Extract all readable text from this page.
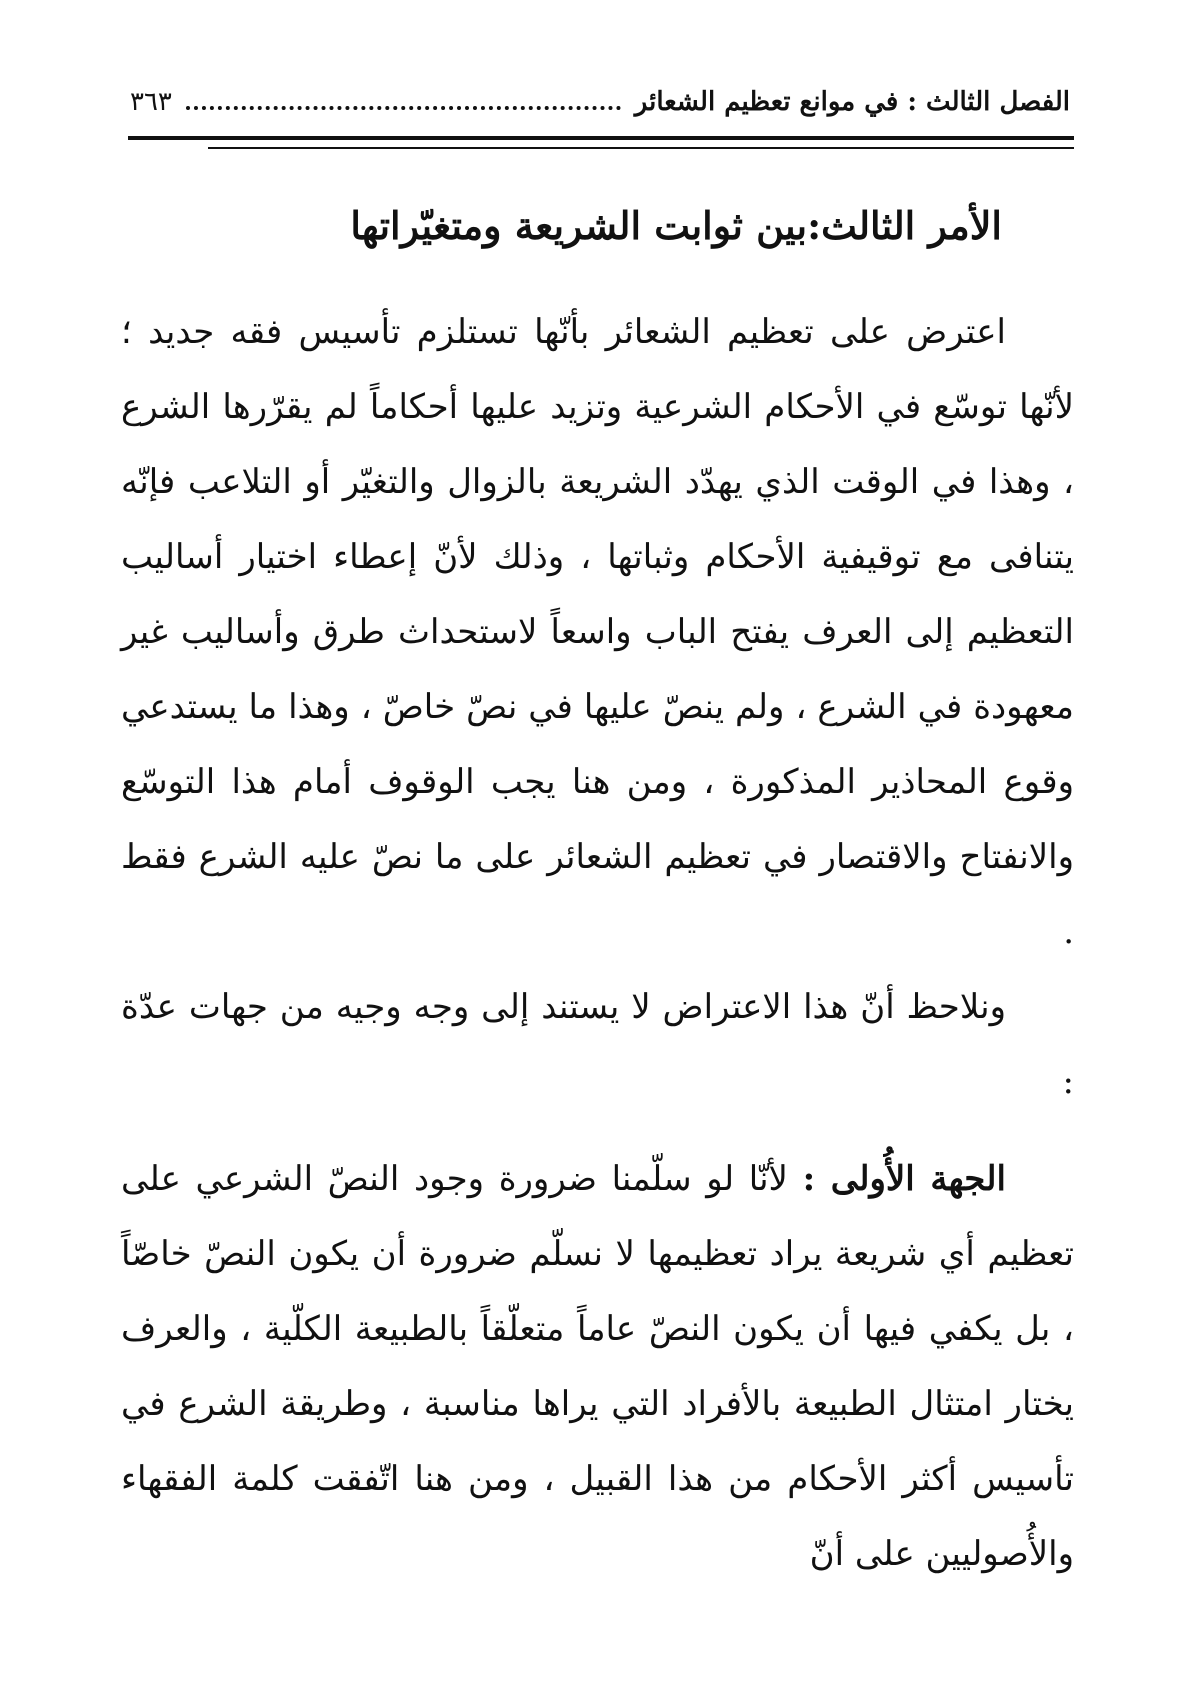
الفصل الثالث : في موانع تعظيم الشعائر
٣٦٣
الأمر الثالث:بين ثوابت الشريعة ومتغيّراتها

اعترض على تعظيم الشعائر بأنّها تستلزم تأسيس فقه جديد ؛ لأنّها توسّع في الأحكام الشرعية وتزيد عليها أحكاماً لم يقرّرها الشرع ، وهذا في الوقت الذي يهدّد الشريعة بالزوال والتغيّر أو التلاعب فإنّه يتنافى مع توقيفية الأحكام وثباتها ، وذلك لأنّ إعطاء اختيار أساليب التعظيم إلى العرف يفتح الباب واسعاً لاستحداث طرق وأساليب غير معهودة في الشرع ، ولم ينصّ عليها في نصّ خاصّ ، وهذا ما يستدعي وقوع المحاذير المذكورة ، ومن هنا يجب الوقوف أمام هذا التوسّع والانفتاح والاقتصار في تعظيم الشعائر على ما نصّ عليه الشرع فقط .

ونلاحظ أنّ هذا الاعتراض لا يستند إلى وجه وجيه من جهات عدّة :

الجهة الأُولى : لأنّا لو سلّمنا ضرورة وجود النصّ الشرعي على تعظيم أي شريعة يراد تعظيمها لا نسلّم ضرورة أن يكون النصّ خاصّاً ، بل يكفي فيها أن يكون النصّ عاماً متعلّقاً بالطبيعة الكلّية ، والعرف يختار امتثال الطبيعة بالأفراد التي يراها مناسبة ، وطريقة الشرع في تأسيس أكثر الأحكام من هذا القبيل ، ومن هنا اتّفقت كلمة الفقهاء والأُصوليين على أنّ
